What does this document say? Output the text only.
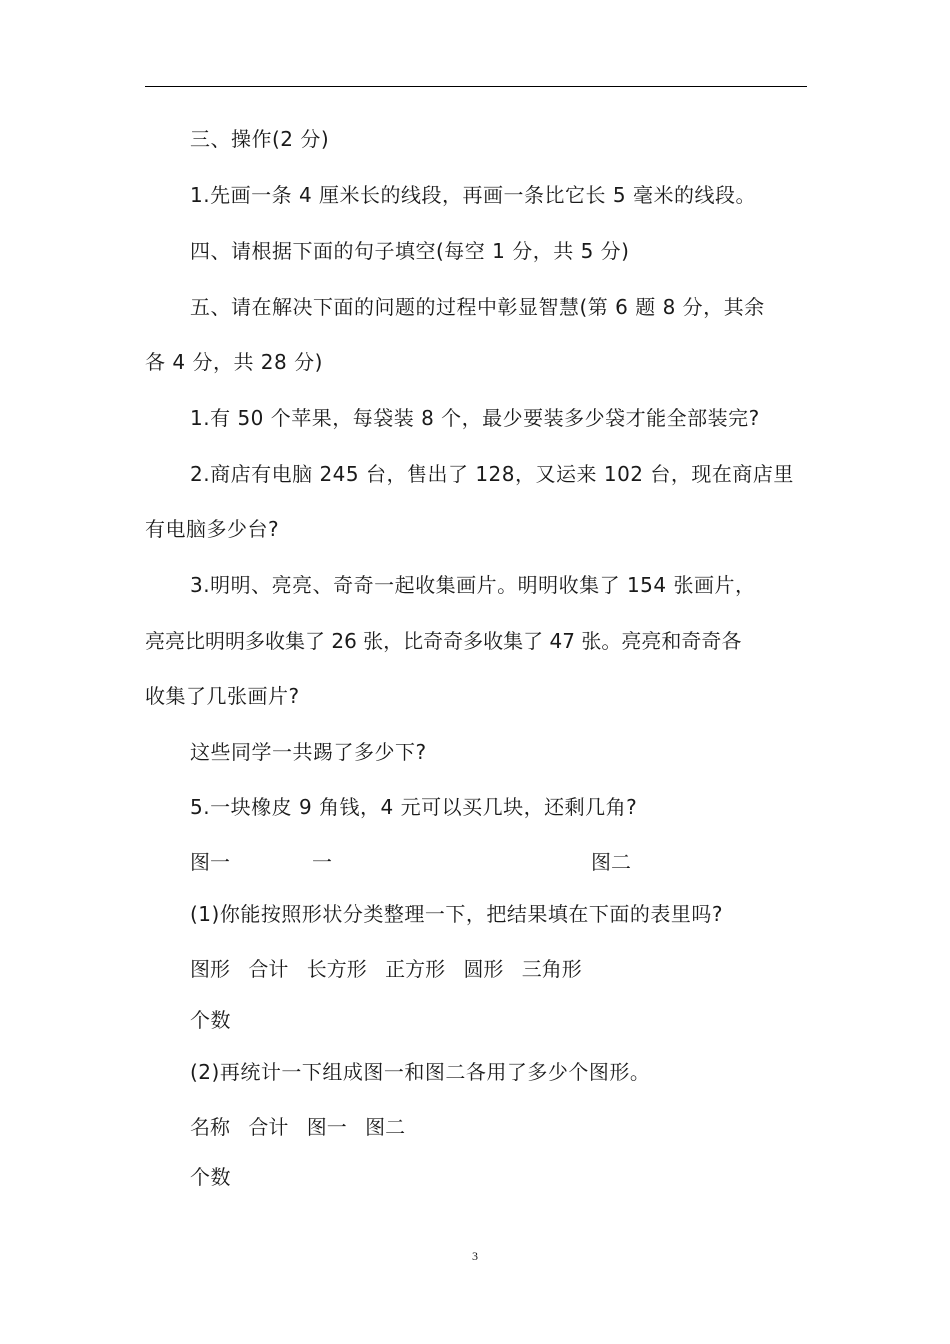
三、操作(2 分)
1.先画一条 4 厘米长的线段，再画一条比它长 5 毫米的线段。
四、请根据下面的句子填空(每空 1 分，共 5 分)
五、请在解决下面的问题的过程中彰显智慧(第 6 题 8 分，其余
各 4 分，共 28 分)
1.有 50 个苹果，每袋装 8 个，最少要装多少袋才能全部装完?
2.商店有电脑 245 台，售出了 128，又运来 102 台，现在商店里
有电脑多少台?
3.明明、亮亮、奇奇一起收集画片。明明收集了 154 张画片，
亮亮比明明多收集了 26 张，比奇奇多收集了 47 张。亮亮和奇奇各
收集了几张画片?
这些同学一共踢了多少下?
5.一块橡皮 9 角钱，4 元可以买几块，还剩几角?
图一	一	图二
(1)你能按照形状分类整理一下，把结果填在下面的表里吗?
图形 合计 长方形 正方形 圆形 三角形
个数
(2)再统计一下组成图一和图二各用了多少个图形。
名称 合计 图一 图二
个数
3
